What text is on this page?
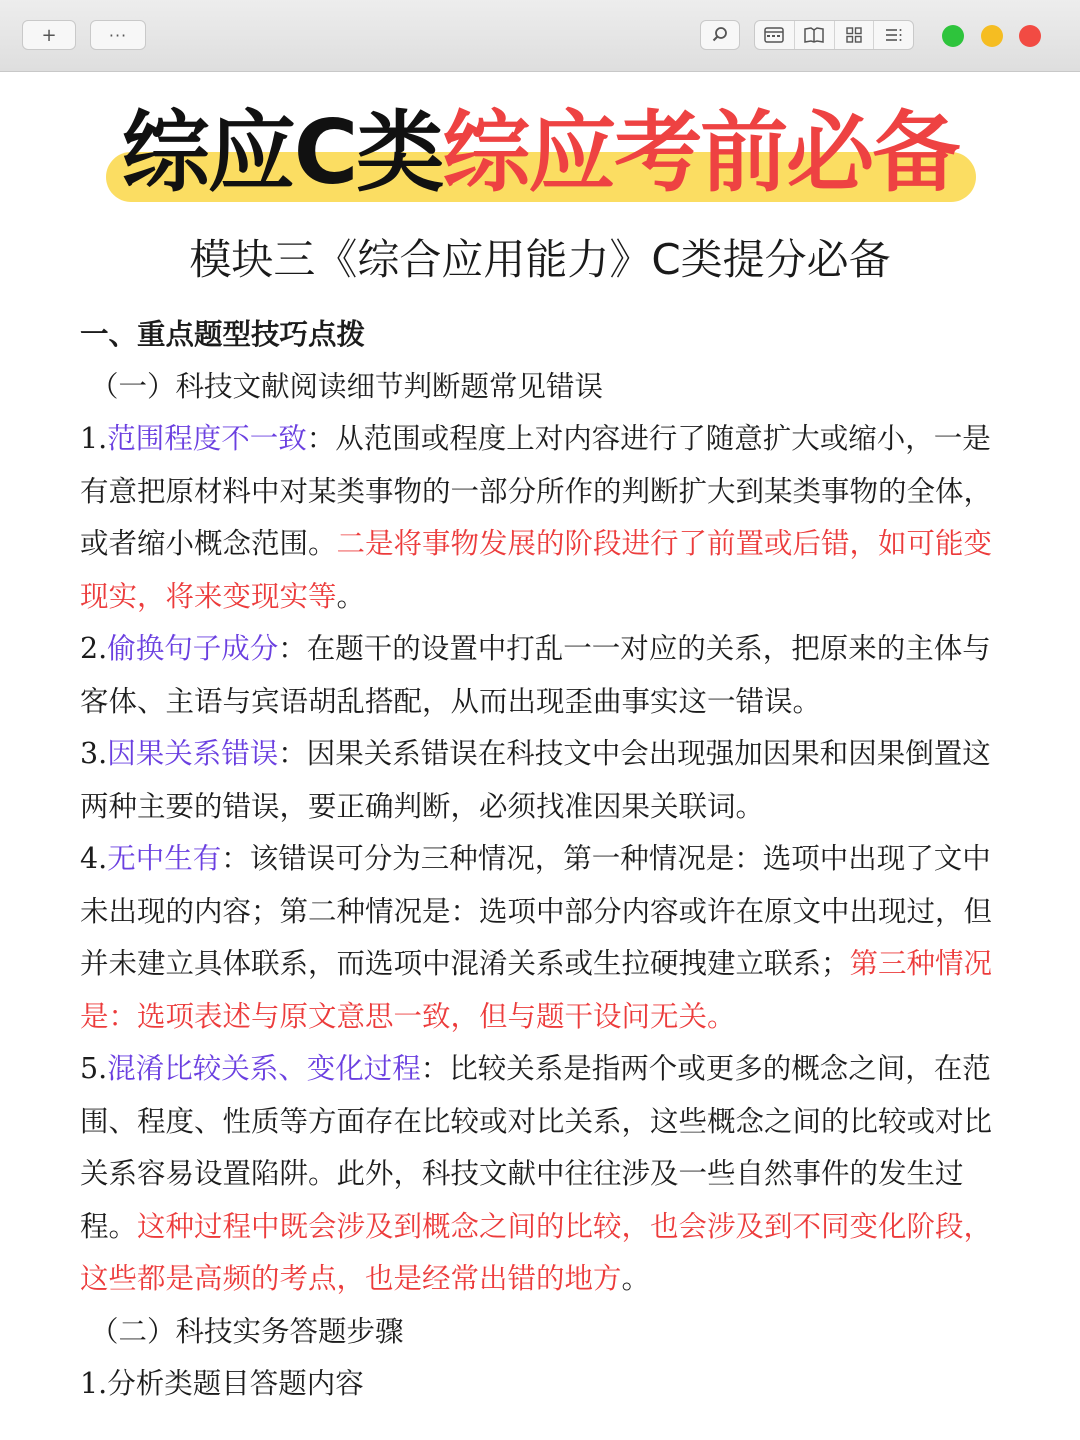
+	···
综应C类综应考前必备
模块三《综合应用能力》C类提分必备

一、重点题型技巧点拨

（一）科技文献阅读细节判断题常见错误

1.范围程度不一致：从范围或程度上对内容进行了随意扩大或缩小，一是有意把原材料中对某类事物的一部分所作的判断扩大到某类事物的全体，或者缩小概念范围。二是将事物发展的阶段进行了前置或后错，如可能变现实，将来变现实等。

2.偷换句子成分：在题干的设置中打乱一一对应的关系，把原来的主体与客体、主语与宾语胡乱搭配，从而出现歪曲事实这一错误。

3.因果关系错误：因果关系错误在科技文中会出现强加因果和因果倒置这两种主要的错误，要正确判断，必须找准因果关联词。

4.无中生有：该错误可分为三种情况，第一种情况是：选项中出现了文中未出现的内容；第二种情况是：选项中部分内容或许在原文中出现过，但并未建立具体联系，而选项中混淆关系或生拉硬拽建立联系；第三种情况是：选项表述与原文意思一致，但与题干设问无关。

5.混淆比较关系、变化过程：比较关系是指两个或更多的概念之间，在范围、程度、性质等方面存在比较或对比关系，这些概念之间的比较或对比关系容易设置陷阱。此外，科技文献中往往涉及一些自然事件的发生过程。这种过程中既会涉及到概念之间的比较，也会涉及到不同变化阶段，这些都是高频的考点，也是经常出错的地方。

（二）科技实务答题步骤

1.分析类题目答题内容
